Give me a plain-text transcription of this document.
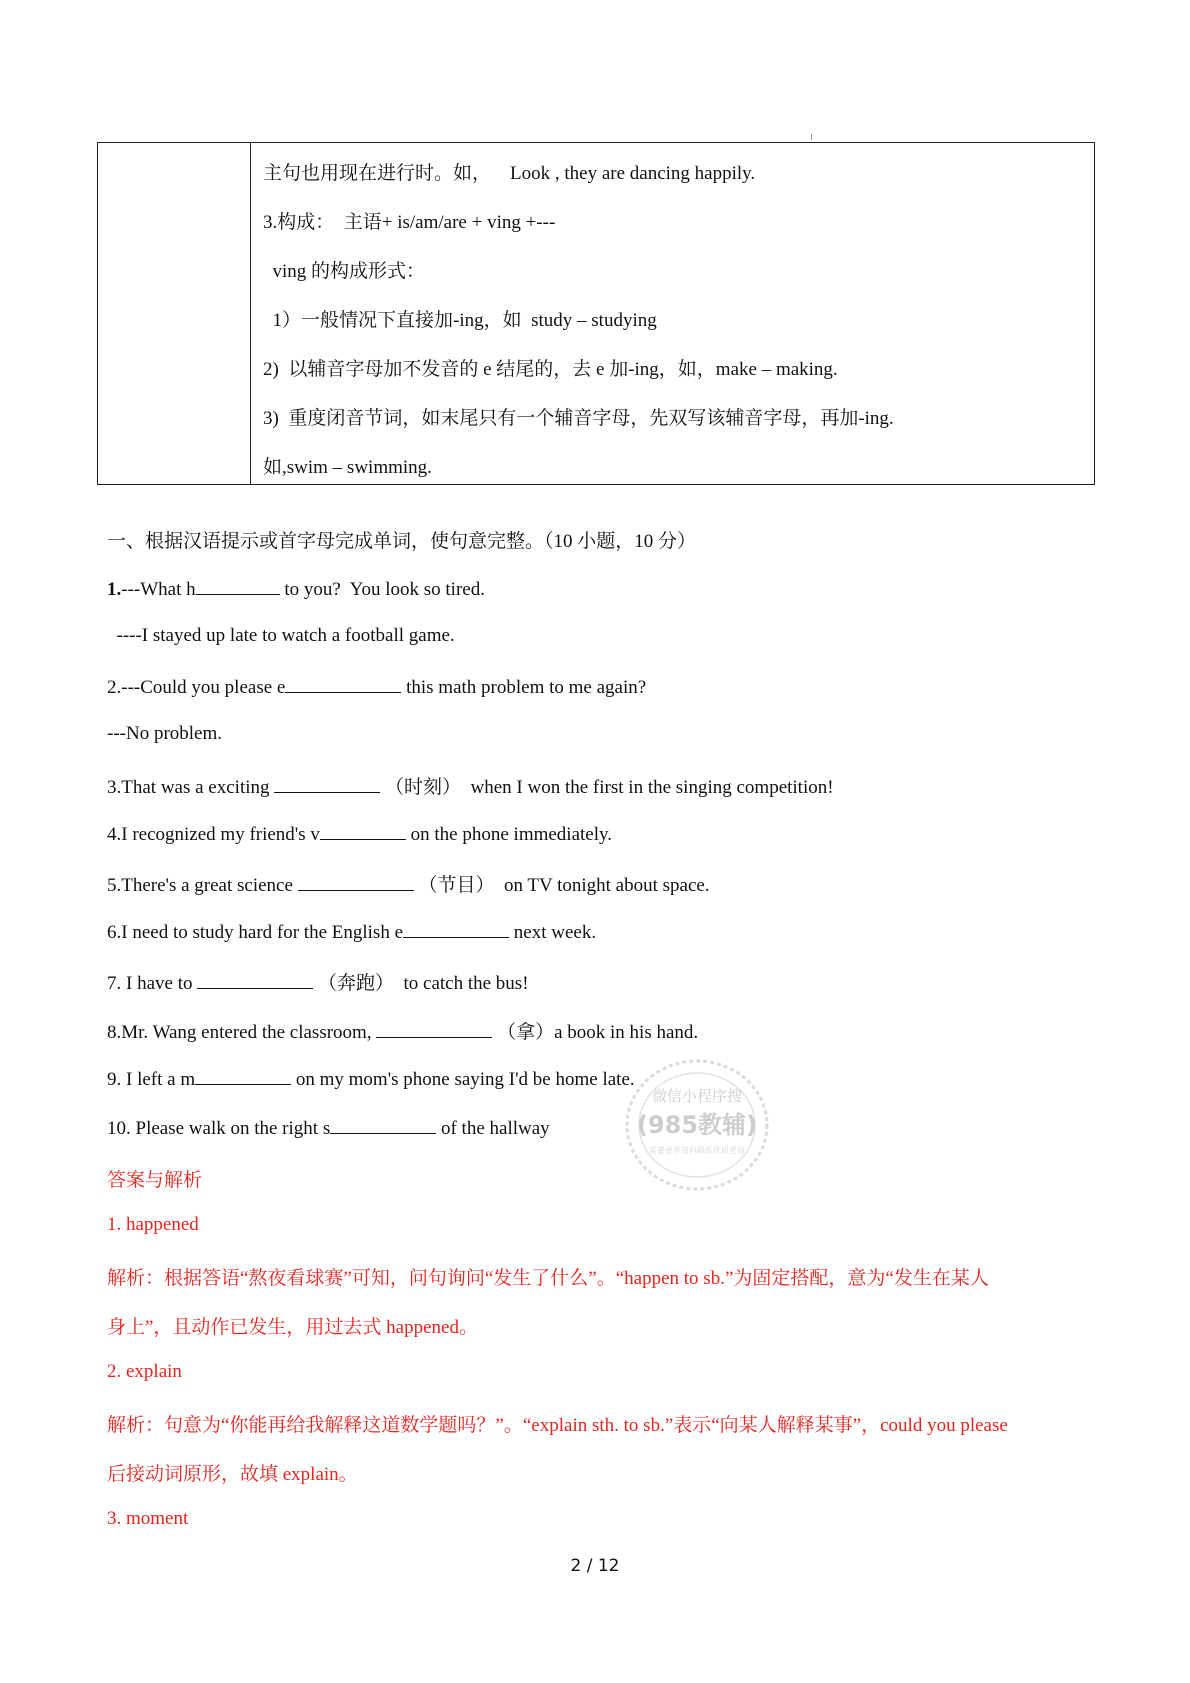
主句也用现在进行时。如，    Look , they are dancing happily.
3.构成：  主语+ is/am/are + ving +---
ving 的构成形式：
1）一般情况下直接加-ing，如  study – studying
2)  以辅音字母加不发音的 e 结尾的，去 e 加-ing，如，make – making.
3)  重度闭音节词，如末尾只有一个辅音字母，先双写该辅音字母，再加-ing.
如,swim – swimming.
一、根据汉语提示或首字母完成单词，使句意完整。（10 小题，10 分）
1.---What h	to you?  You look so tired.
----I stayed up late to watch a football game.
2.---Could you please e	this math problem to me again?
---No problem.
3.That was a exciting	（时刻）  when I won the first in the singing competition!
4.I recognized my friend's v	on the phone immediately.
5.There's a great science	（节目）  on TV tonight about space.
6.I need to study hard for the English e	next week.
7. I have to	（奔跑）  to catch the bus!
8.Mr. Wang entered the classroom,	（拿）a book in his hand.
9. I left a m	on my mom's phone saying I'd be home late.
10. Please walk on the right s	of the hallway
微信小程序搜
(985教辅)
需要更多资料联系优质老师
答案与解析
1. happened
解析：根据答语“熬夜看球赛”可知，问句询问“发生了什么”。“happen to sb.”为固定搭配，意为“发生在某人
身上”，且动作已发生，用过去式 happened。
2. explain
解析：句意为“你能再给我解释这道数学题吗？”。“explain sth. to sb.”表示“向某人解释某事”，could you please
后接动词原形，故填 explain。
3. moment
2 / 12
